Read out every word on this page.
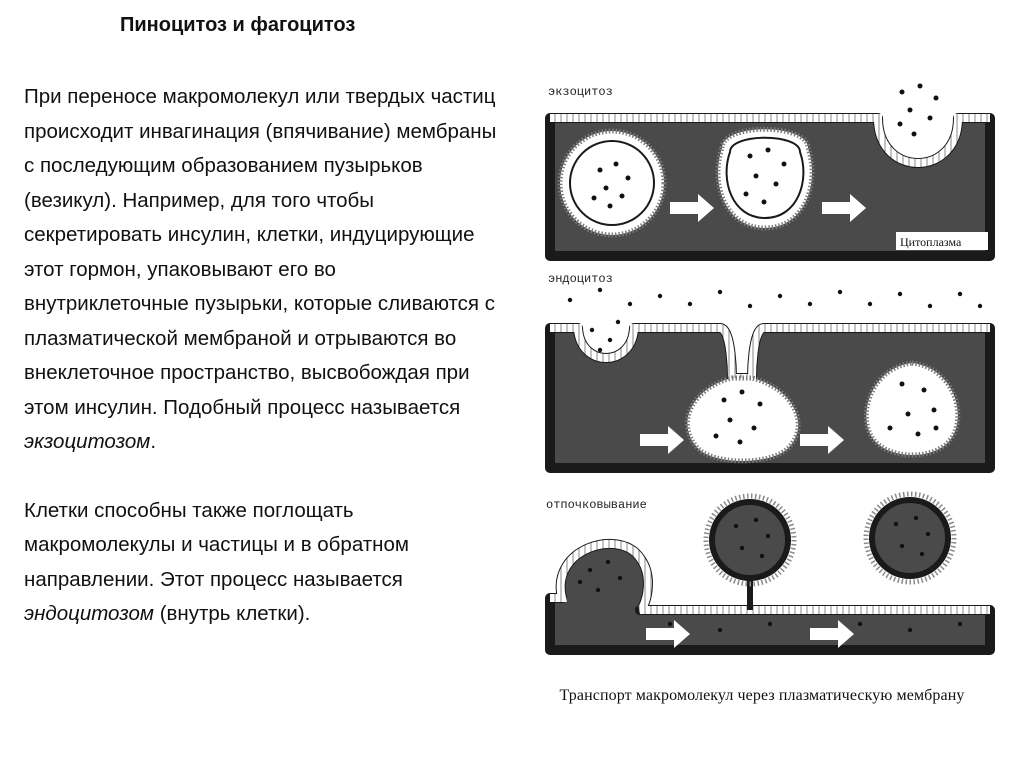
Пиноцитоз и фагоцитоз

При переносе макромолекул или твердых частиц происходит инвагинация (впячивание) мембраны с последующим образованием пузырьков (везикул). Например, для того чтобы секретировать инсулин, клетки, индуцирующие этот гормон, упаковывают его во внутриклеточные пузырьки, которые сливаются с плазматической мембраной и отрываются во внеклеточное пространство, высвобождая при этом инсулин. Подобный процесс называется экзоцитозом.

Клетки способны также поглощать макромолекулы и частицы и в обратном направлении. Этот процесс называется эндоцитозом (внутрь клетки).

экзоцитоз
Цитоплазма
эндоцитоз
отпочковывание
Транспорт макромолекул через плазматическую мембрану
